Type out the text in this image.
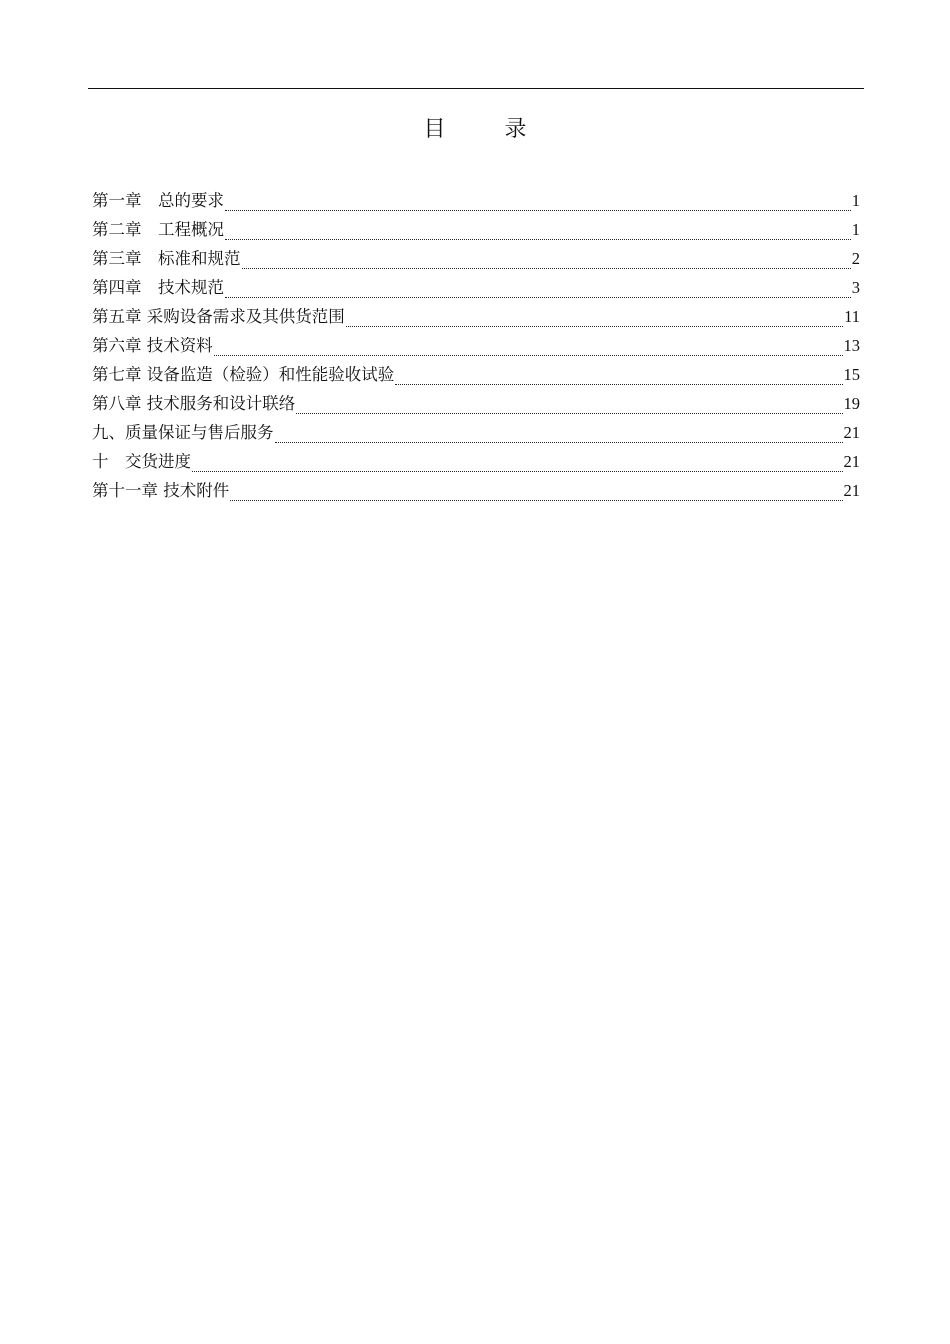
目 录
第一章　总的要求	1
第二章　工程概况	1
第三章　标准和规范	2
第四章　技术规范	3
第五章 采购设备需求及其供货范围	11
第六章 技术资料	13
第七章 设备监造（检验）和性能验收试验	15
第八章 技术服务和设计联络	19
九、质量保证与售后服务	21
十　交货进度	21
第十一章 技术附件	21
